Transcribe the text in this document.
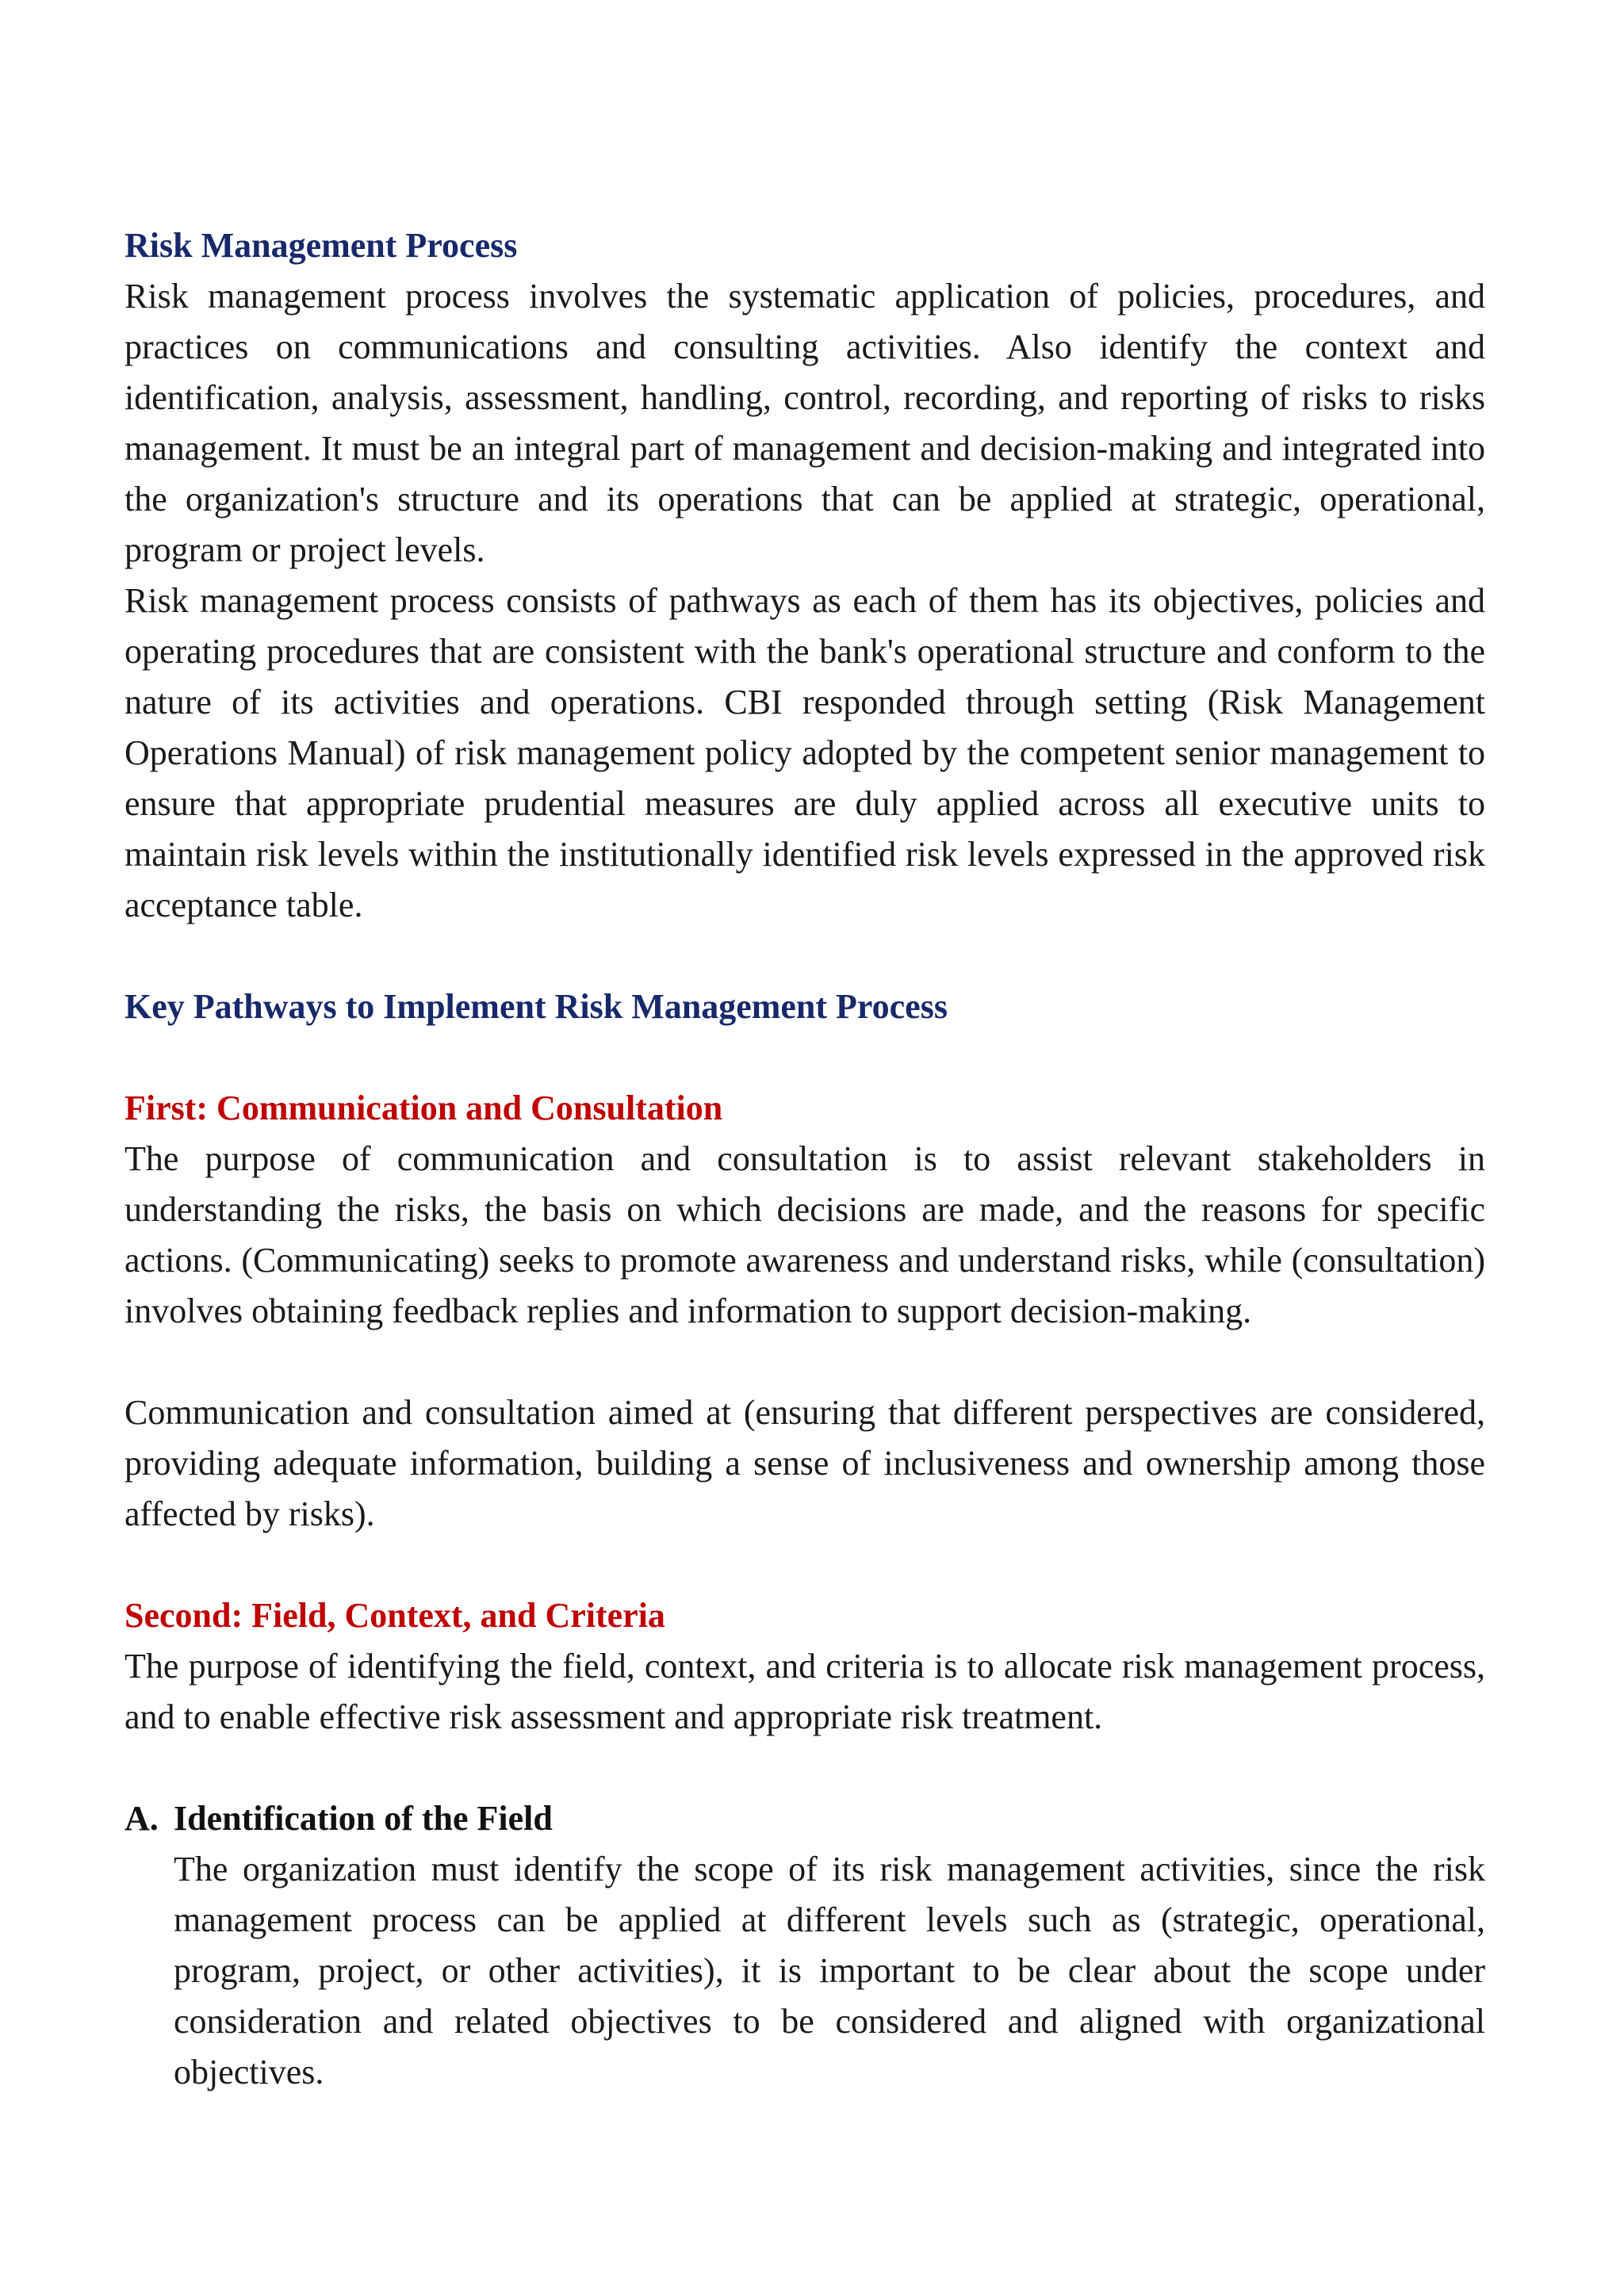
Risk Management Process

Risk management process involves the systematic application of policies, procedures, and practices on communications and consulting activities. Also identify the context and identification, analysis, assessment, handling, control, recording, and reporting of risks to risks management. It must be an integral part of management and decision-making and integrated into the organization's structure and its operations that can be applied at strategic, operational, program or project levels.

Risk management process consists of pathways as each of them has its objectives, policies and operating procedures that are consistent with the bank's operational structure and conform to the nature of its activities and operations. CBI responded through setting (Risk Management Operations Manual) of risk management policy adopted by the competent senior management to ensure that appropriate prudential measures are duly applied across all executive units to maintain risk levels within the institutionally identified risk levels expressed in the approved risk acceptance table.

Key Pathways to Implement Risk Management Process
First: Communication and Consultation

The purpose of communication and consultation is to assist relevant stakeholders in understanding the risks, the basis on which decisions are made, and the reasons for specific actions. (Communicating) seeks to promote awareness and understand risks, while (consultation) involves obtaining feedback replies and information to support decision-making.

Communication and consultation aimed at (ensuring that different perspectives are considered, providing adequate information, building a sense of inclusiveness and ownership among those affected by risks).

Second: Field, Context, and Criteria

The purpose of identifying the field, context, and criteria is to allocate risk management process, and to enable effective risk assessment and appropriate risk treatment.

A. Identification of the Field

The organization must identify the scope of its risk management activities, since the risk management process can be applied at different levels such as (strategic, operational, program, project, or other activities), it is important to be clear about the scope under consideration and related objectives to be considered and aligned with organizational objectives.
